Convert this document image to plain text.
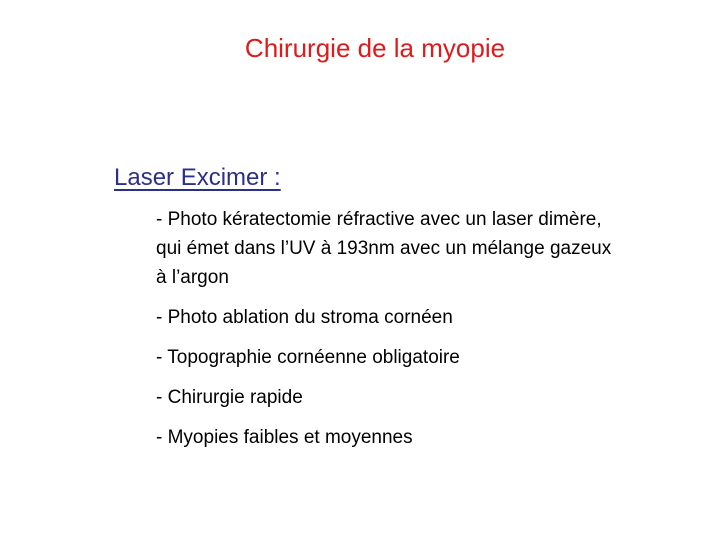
Chirurgie de la myopie
Laser Excimer :
- Photo kératectomie réfractive avec un laser dimère, qui émet dans l’UV à 193nm avec un mélange gazeux à l’argon
- Photo ablation du stroma cornéen
- Topographie cornéenne obligatoire
- Chirurgie rapide
- Myopies faibles et moyennes
